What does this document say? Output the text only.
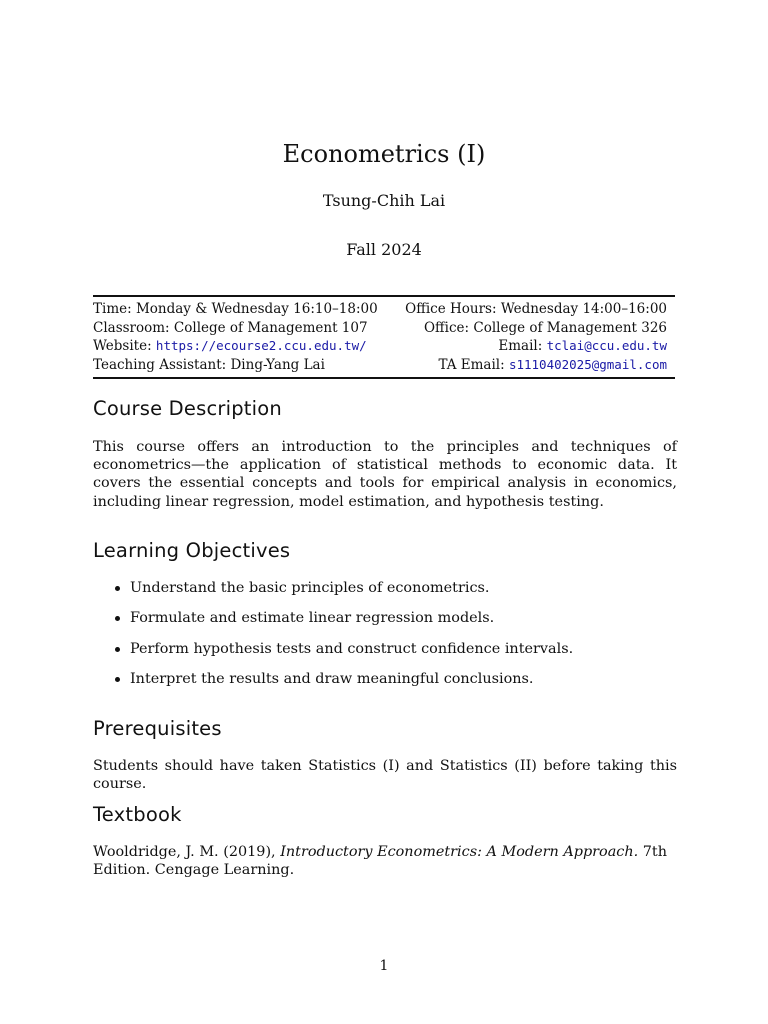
Econometrics (I)
Tsung-Chih Lai
Fall 2024
Time: Monday & Wednesday 16:10–18:00 Office Hours: Wednesday 14:00–16:00
Classroom: College of Management 107	Office: College of Management 326
Website: https://ecourse2.ccu.edu.tw/	Email: tclai@ccu.edu.tw
Teaching Assistant: Ding-Yang Lai	TA Email: s1110402025@gmail.com
Course Description

This course offers an introduction to the principles and techniques of econometrics—the application of statistical methods to economic data. It covers the essential concepts and tools for empirical analysis in economics, including linear regression, model estimation, and hypothesis testing.

Learning Objectives
Understand the basic principles of econometrics.
Formulate and estimate linear regression models.
Perform hypothesis tests and construct confidence intervals.
Interpret the results and draw meaningful conclusions.
Prerequisites

Students should have taken Statistics (I) and Statistics (II) before taking this course.

Textbook

Wooldridge, J. M. (2019), Introductory Econometrics: A Modern Approach. 7th Edition. Cengage Learning.

1
